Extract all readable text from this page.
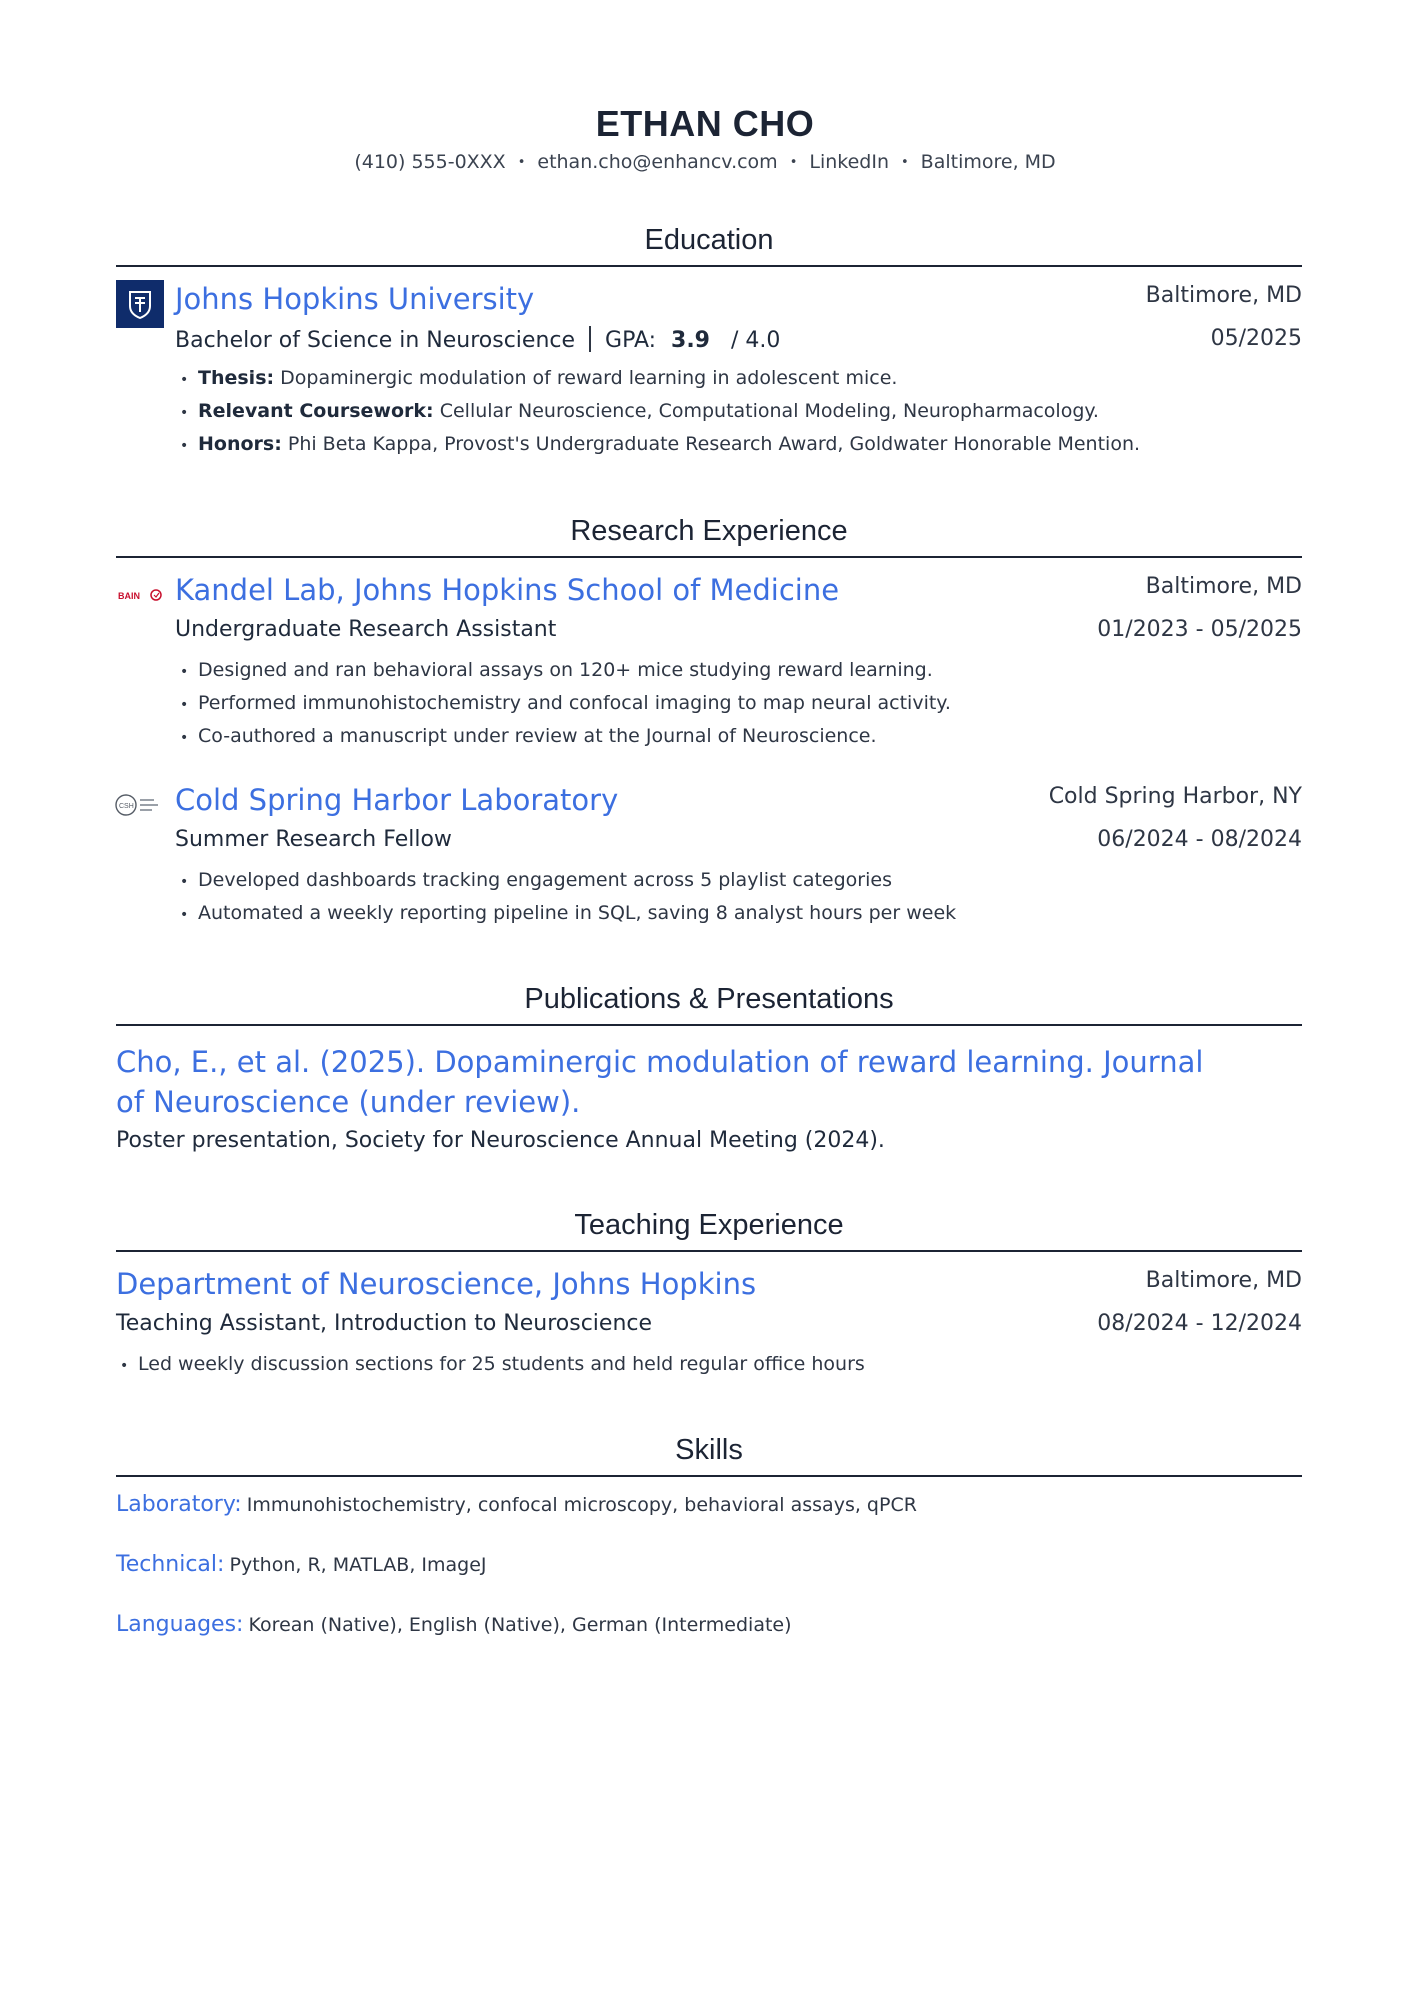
ETHAN CHO
(410) 555-0XXX • ethan.cho@enhancv.com • LinkedIn • Baltimore, MD
Education
Johns Hopkins University	Baltimore, MD
Bachelor of Science in Neuroscience GPA: 3.9 / 4.0	05/2025
• Thesis: Dopaminergic modulation of reward learning in adolescent mice.
• Relevant Coursework: Cellular Neuroscience, Computational Modeling, Neuropharmacology.
• Honors: Phi Beta Kappa, Provost's Undergraduate Research Award, Goldwater Honorable Mention.
Research Experience
BAIN Kandel Lab, Johns Hopkins School of Medicine	Baltimore, MD
Undergraduate Research Assistant	01/2023 - 05/2025
• Designed and ran behavioral assays on 120+ mice studying reward learning.
• Performed immunohistochemistry and confocal imaging to map neural activity.
• Co-authored a manuscript under review at the Journal of Neuroscience.
CSH Cold Spring Harbor Laboratory	Cold Spring Harbor, NY
Summer Research Fellow	06/2024 - 08/2024
• Developed dashboards tracking engagement across 5 playlist categories
• Automated a weekly reporting pipeline in SQL, saving 8 analyst hours per week
Publications & Presentations
Cho, E., et al. (2025). Dopaminergic modulation of reward learning. Journal of Neuroscience (under review).
Poster presentation, Society for Neuroscience Annual Meeting (2024).
Teaching Experience
Department of Neuroscience, Johns Hopkins	Baltimore, MD
Teaching Assistant, Introduction to Neuroscience	08/2024 - 12/2024
• Led weekly discussion sections for 25 students and held regular office hours
Skills
Laboratory: Immunohistochemistry, confocal microscopy, behavioral assays, qPCR
Technical: Python, R, MATLAB, ImageJ
Languages: Korean (Native), English (Native), German (Intermediate)
